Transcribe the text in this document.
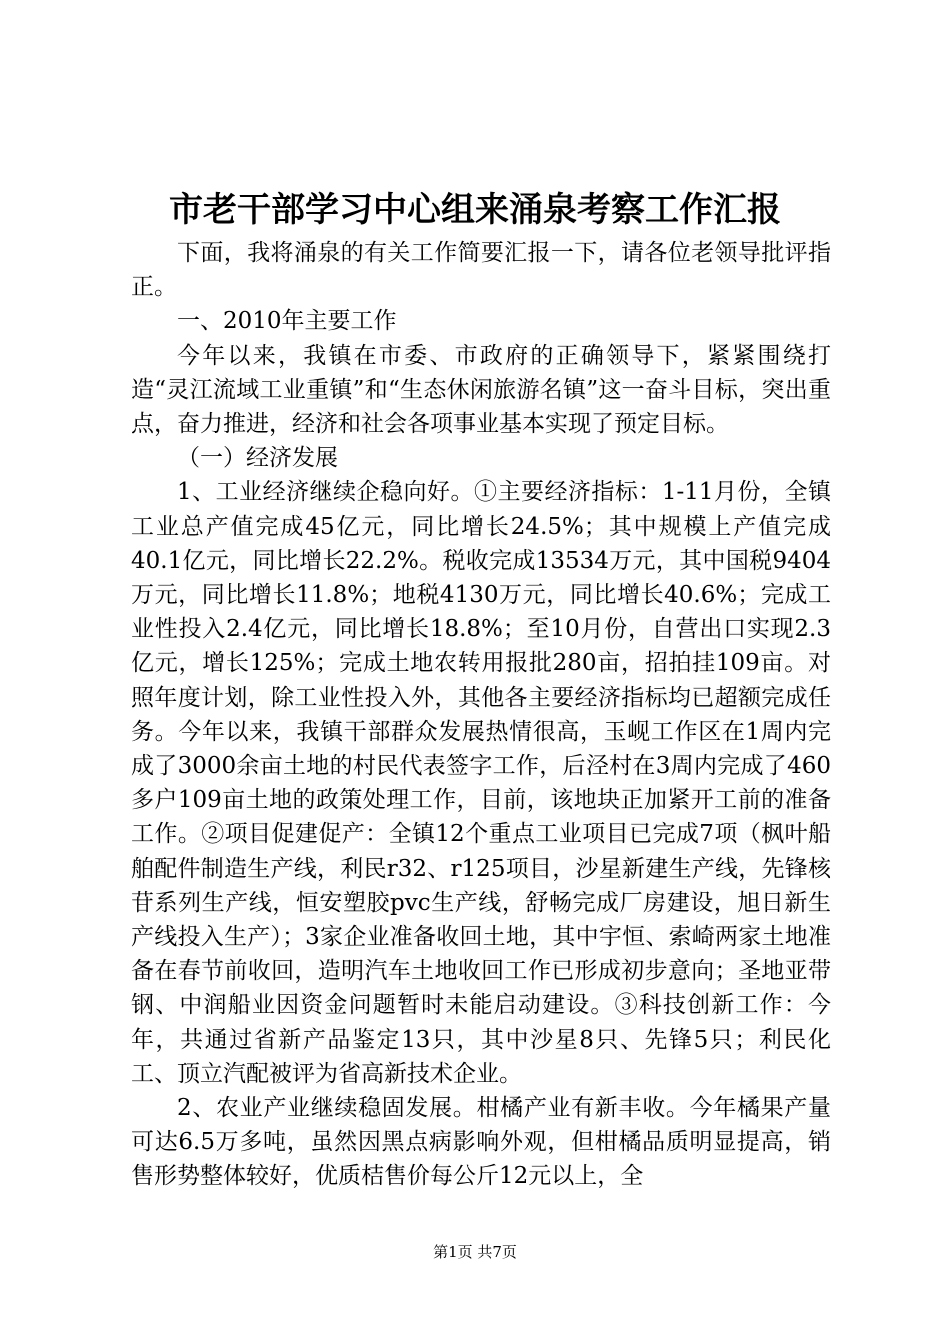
市老干部学习中心组来涌泉考察工作汇报

下面，我将涌泉的有关工作简要汇报一下，请各位老领导批评指正。

一、2010年主要工作

今年以来，我镇在市委、市政府的正确领导下，紧紧围绕打造“灵江流域工业重镇”和“生态休闲旅游名镇”这一奋斗目标，突出重点，奋力推进，经济和社会各项事业基本实现了预定目标。

（一）经济发展

1、工业经济继续企稳向好。①主要经济指标：1-11月份，全镇工业总产值完成45亿元，同比增长24.5%；其中规模上产值完成40.1亿元，同比增长22.2%。税收完成13534万元，其中国税9404万元，同比增长11.8%；地税4130万元，同比增长40.6%；完成工业性投入2.4亿元，同比增长18.8%；至10月份，自营出口实现2.3亿元，增长125%；完成土地农转用报批280亩，招拍挂109亩。对照年度计划，除工业性投入外，其他各主要经济指标均已超额完成任务。今年以来，我镇干部群众发展热情很高，玉岘工作区在1周内完成了3000余亩土地的村民代表签字工作，后泾村在3周内完成了460多户109亩土地的政策处理工作，目前，该地块正加紧开工前的准备工作。②项目促建促产：全镇12个重点工业项目已完成7项（枫叶船舶配件制造生产线，利民r32、r125项目，沙星新建生产线，先锋核苷系列生产线，恒安塑胶pvc生产线，舒畅完成厂房建设，旭日新生产线投入生产）；3家企业准备收回土地，其中宇恒、索崎两家土地准备在春节前收回，造明汽车土地收回工作已形成初步意向；圣地亚带钢、中润船业因资金问题暂时未能启动建设。③科技创新工作：今年，共通过省新产品鉴定13只，其中沙星8只、先锋5只；利民化工、顶立汽配被评为省高新技术企业。

2、农业产业继续稳固发展。柑橘产业有新丰收。今年橘果产量可达6.5万多吨，虽然因黑点病影响外观，但柑橘品质明显提高，销售形势整体较好，优质桔售价每公斤12元以上，全

第1页 共7页
